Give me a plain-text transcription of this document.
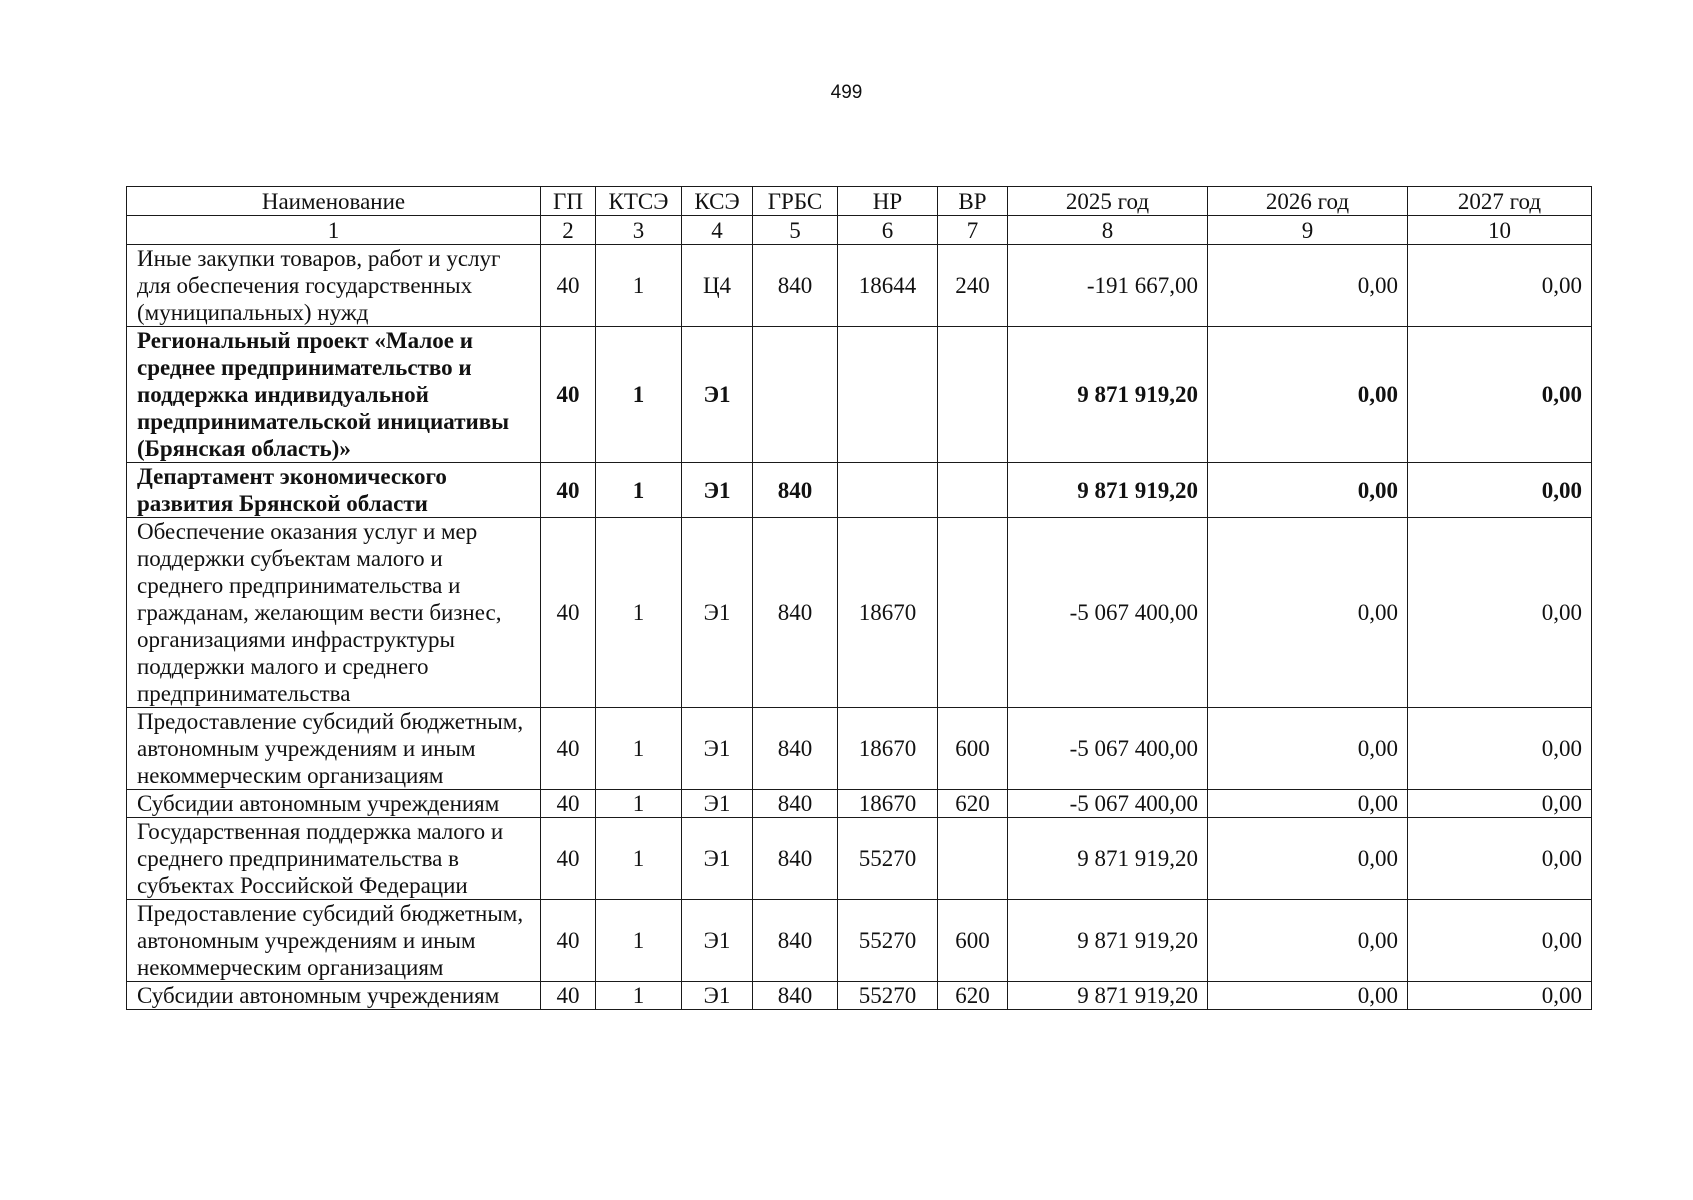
499
Наименование	ГП	КТСЭ	КСЭ	ГРБС	НР	ВР	2025 год	2026 год	2027 год
1	2	3	4	5	6	7	8	9	10
Иные закупки товаров, работ и услуг для обеспечения государственных (муниципальных) нужд	40	1	Ц4	840	18644	240	-191 667,00	0,00	0,00
Региональный проект «Малое и среднее предпринимательство и поддержка индивидуальной предпринимательской инициативы (Брянская область)»	40	1	Э1				9 871 919,20	0,00	0,00
Департамент экономического развития Брянской области	40	1	Э1	840			9 871 919,20	0,00	0,00
Обеспечение оказания услуг и мер поддержки субъектам малого и среднего предпринимательства и гражданам, желающим вести бизнес, организациями инфраструктуры поддержки малого и среднего предпринимательства	40	1	Э1	840	18670		-5 067 400,00	0,00	0,00
Предоставление субсидий бюджетным, автономным учреждениям и иным некоммерческим организациям	40	1	Э1	840	18670	600	-5 067 400,00	0,00	0,00
Субсидии автономным учреждениям	40	1	Э1	840	18670	620	-5 067 400,00	0,00	0,00
Государственная поддержка малого и среднего предпринимательства в субъектах Российской Федерации	40	1	Э1	840	55270		9 871 919,20	0,00	0,00
Предоставление субсидий бюджетным, автономным учреждениям и иным некоммерческим организациям	40	1	Э1	840	55270	600	9 871 919,20	0,00	0,00
Субсидии автономным учреждениям	40	1	Э1	840	55270	620	9 871 919,20	0,00	0,00
